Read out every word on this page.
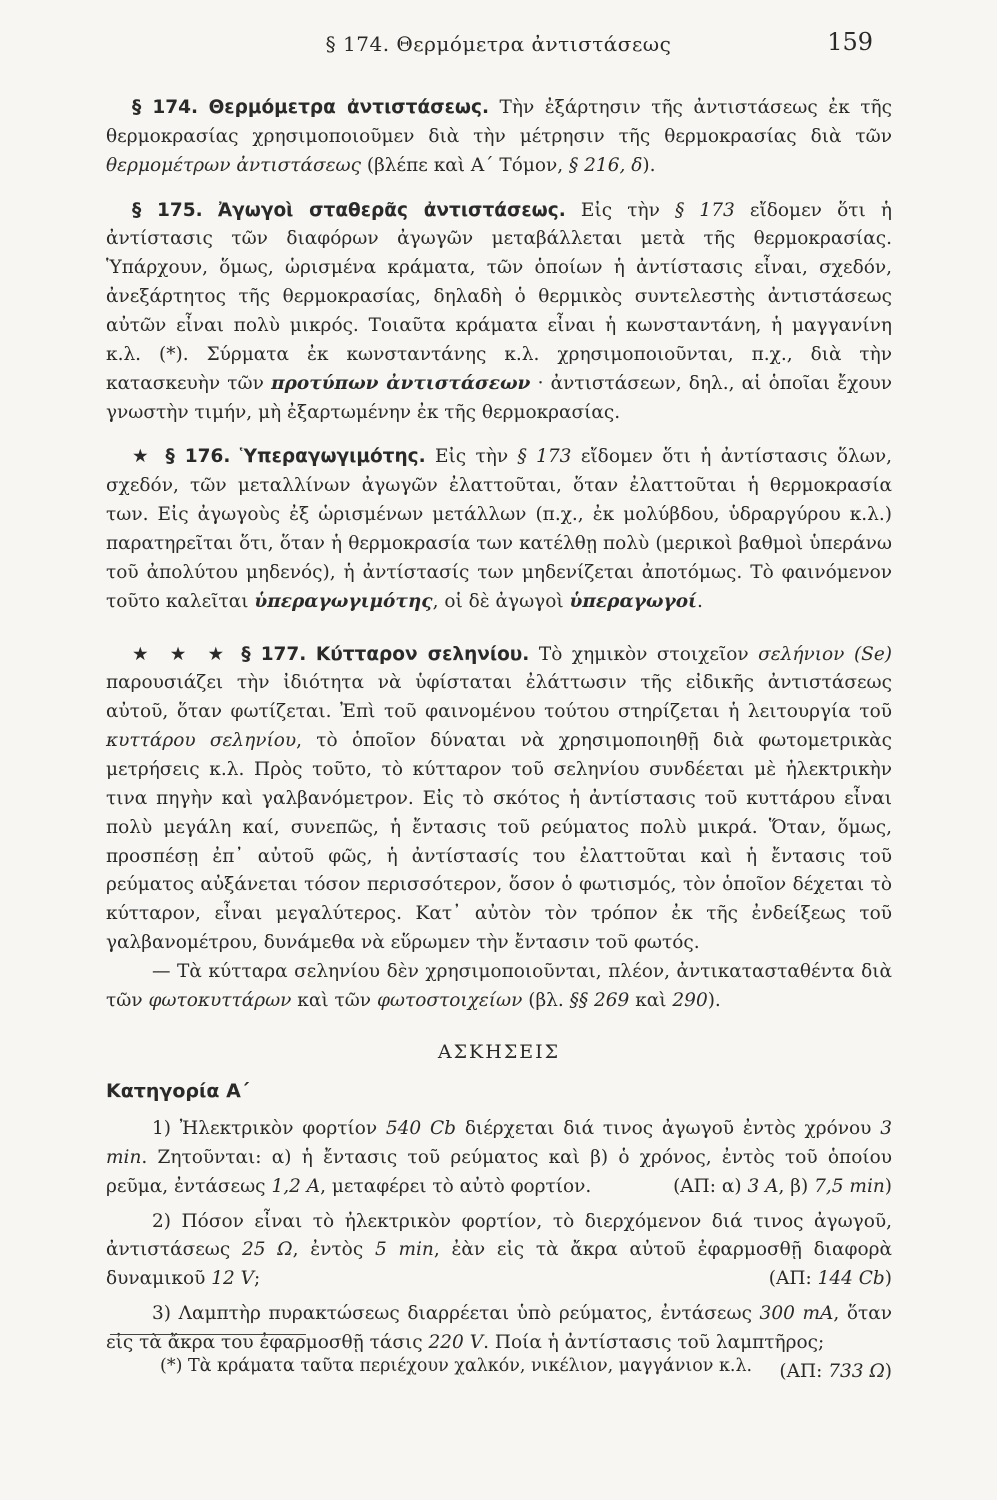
§ 174. Θερμόμετρα ἀντιστάσεως	159

§ 174. Θερμόμετρα ἀντιστάσεως. Τὴν ἐξάρτησιν τῆς ἀντιστάσεως ἐκ τῆς θερμοκρασίας χρησιμοποιοῦμεν διὰ τὴν μέτρησιν τῆς θερμοκρασίας διὰ τῶν θερμομέτρων ἀντιστάσεως (βλέπε καὶ Α΄ Τόμον, § 216, δ).

§ 175. Ἀγωγοὶ σταθερᾶς ἀντιστάσεως. Εἰς τὴν § 173 εἴδομεν ὅτι ἡ ἀντίστασις τῶν διαφόρων ἀγωγῶν μεταβάλλεται μετὰ τῆς θερμοκρασίας. Ὑπάρχουν, ὅμως, ὡρισμένα κράματα, τῶν ὁποίων ἡ ἀντίστασις εἶναι, σχεδόν, ἀνεξάρτητος τῆς θερμοκρασίας, δηλαδὴ ὁ θερμικὸς συντελεστὴς ἀντιστάσεως αὐτῶν εἶναι πολὺ μικρός. Τοιαῦτα κράματα εἶναι ἡ κωνσταντάνη, ἡ μαγγανίνη κ.λ. (*). Σύρματα ἐκ κωνσταντάνης κ.λ. χρησιμοποιοῦνται, π.χ., διὰ τὴν κατασκευὴν τῶν προτύπων ἀντιστάσεων · ἀντιστάσεων, δηλ., αἱ ὁποῖαι ἔχουν γνωστὴν τιμήν, μὴ ἐξαρτωμένην ἐκ τῆς θερμοκρασίας.

★ § 176. Ὑπεραγωγιμότης. Εἰς τὴν § 173 εἴδομεν ὅτι ἡ ἀντίστασις ὅλων, σχεδόν, τῶν μεταλλίνων ἀγωγῶν ἐλαττοῦται, ὅταν ἐλαττοῦται ἡ θερμοκρασία των. Εἰς ἀγωγοὺς ἐξ ὡρισμένων μετάλλων (π.χ., ἐκ μολύβδου, ὑδραργύρου κ.λ.) παρατηρεῖται ὅτι, ὅταν ἡ θερμοκρασία των κατέλθῃ πολὺ (μερικοὶ βαθμοὶ ὑπεράνω τοῦ ἀπολύτου μηδενός), ἡ ἀντίστασίς των μηδενίζεται ἀποτόμως. Τὸ φαινόμενον τοῦτο καλεῖται ὑπεραγωγιμότης, οἱ δὲ ἀγωγοὶ ὑπεραγωγοί.

★ ★ ★ § 177. Κύτταρον σεληνίου. Τὸ χημικὸν στοιχεῖον σελήνιον (Se) παρουσιάζει τὴν ἰδιότητα νὰ ὑφίσταται ἐλάττωσιν τῆς εἰδικῆς ἀντιστάσεως αὐτοῦ, ὅταν φωτίζεται. Ἐπὶ τοῦ φαινομένου τούτου στηρίζεται ἡ λειτουργία τοῦ κυττάρου σεληνίου, τὸ ὁποῖον δύναται νὰ χρησιμοποιηθῇ διὰ φωτομετρικὰς μετρήσεις κ.λ. Πρὸς τοῦτο, τὸ κύτταρον τοῦ σεληνίου συνδέεται μὲ ἠλεκτρικὴν τινα πηγὴν καὶ γαλβανόμετρον. Εἰς τὸ σκότος ἡ ἀντίστασις τοῦ κυττάρου εἶναι πολὺ μεγάλη καί, συνεπῶς, ἡ ἔντασις τοῦ ρεύματος πολὺ μικρά. Ὅταν, ὅμως, προσπέσῃ ἐπ᾽ αὐτοῦ φῶς, ἡ ἀντίστασίς του ἐλαττοῦται καὶ ἡ ἔντασις τοῦ ρεύματος αὐξάνεται τόσον περισσότερον, ὅσον ὁ φωτισμός, τὸν ὁποῖον δέχεται τὸ κύτταρον, εἶναι μεγαλύτερος. Κατ᾽ αὐτὸν τὸν τρόπον ἐκ τῆς ἐνδείξεως τοῦ γαλβανομέτρου, δυνάμεθα νὰ εὕρωμεν τὴν ἔντασιν τοῦ φωτός.

— Τὰ κύτταρα σεληνίου δὲν χρησιμοποιοῦνται, πλέον, ἀντικατασταθέντα διὰ τῶν φωτοκυττάρων καὶ τῶν φωτοστοιχείων (βλ. §§ 269 καὶ 290).

ΑΣΚΗΣΕΙΣ
Κατηγορία Α΄

1) Ἠλεκτρικὸν φορτίον 540 Cb διέρχεται διά τινος ἀγωγοῦ ἐντὸς χρόνου 3 min. Ζητοῦνται: α) ἡ ἔντασις τοῦ ρεύματος καὶ β) ὁ χρόνος, ἐντὸς τοῦ ὁποίου ρεῦμα, ἐντάσεως 1,2 A, μεταφέρει τὸ αὐτὸ φορτίον.	(ΑΠ: α) 3 A, β) 7,5 min)

2) Πόσον εἶναι τὸ ἠλεκτρικὸν φορτίον, τὸ διερχόμενον διά τινος ἀγωγοῦ, ἀντιστάσεως 25 Ω, ἐντὸς 5 min, ἐὰν εἰς τὰ ἄκρα αὐτοῦ ἐφαρμοσθῇ διαφορὰ δυναμικοῦ 12 V;	(ΑΠ: 144 Cb)

3) Λαμπτὴρ πυρακτώσεως διαρρέεται ὑπὸ ρεύματος, ἐντάσεως 300 mA, ὅταν εἰς τὰ ἄκρα του ἐφαρμοσθῇ τάσις 220 V. Ποία ἡ ἀντίστασις τοῦ λαμπτῆρος;
(ΑΠ: 733 Ω)

(*) Τὰ κράματα ταῦτα περιέχουν χαλκόν, νικέλιον, μαγγάνιον κ.λ.
